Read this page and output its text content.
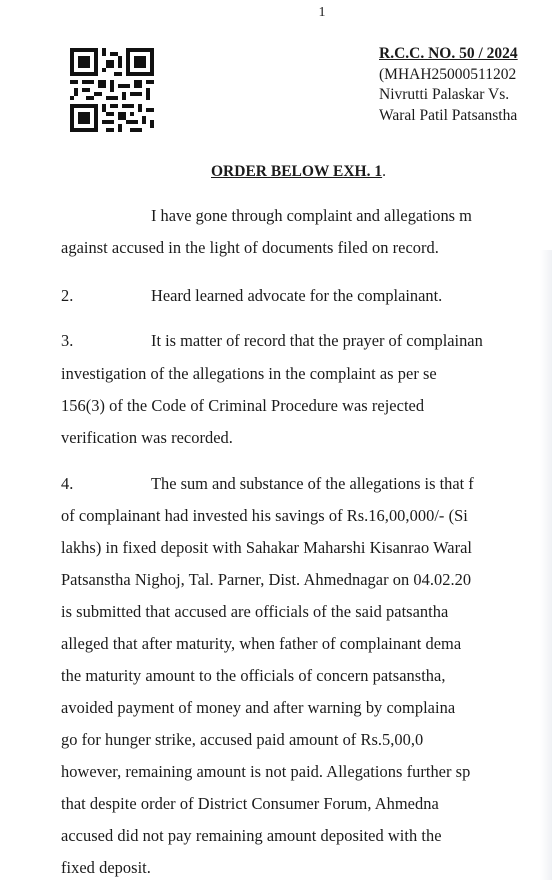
1
R.C.C. NO. 50 / 2024
(MHAH25000511202
Nivrutti Palaskar Vs.
Waral Patil Patsanstha
ORDER BELOW EXH. 1.
I have gone through complaint and allegations m
against accused in the light of documents filed on record.
2.	Heard learned advocate for the complainant.
3.	It is matter of record that the prayer of complainan
investigation of the allegations in the complaint as per se
156(3) of the Code of Criminal Procedure was rejected
verification was recorded.
4.	The sum and substance of the allegations is that f
of complainant had invested his savings of Rs.16,00,000/- (Si
lakhs) in fixed deposit with Sahakar Maharshi Kisanrao Waral
Patsanstha Nighoj, Tal. Parner, Dist. Ahmednagar on 04.02.20
is submitted that accused are officials of the said patsantha
alleged that after maturity, when father of complainant dema
the maturity amount to the officials of concern patsanstha,
avoided payment of money and after warning by complaina
go for hunger strike, accused paid amount of Rs.5,00,0
however, remaining amount is not paid. Allegations further sp
that despite order of District Consumer Forum, Ahmedna
accused did not pay remaining amount deposited with the
fixed deposit.
